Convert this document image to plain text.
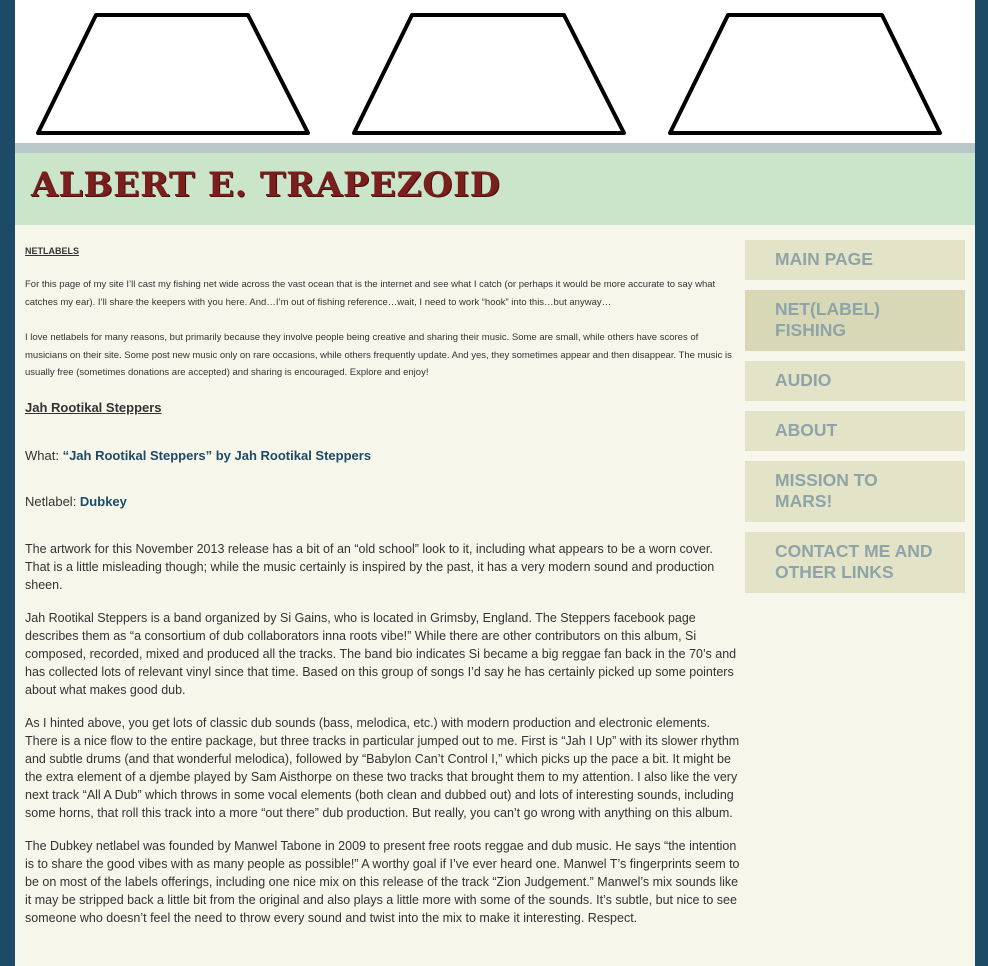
ALBERT E. TRAPEZOID
NETLABELS

For this page of my site I’ll cast my fishing net wide across the vast ocean that is the internet and see what I catch (or perhaps it would be more accurate to say what catches my ear). I’ll share the keepers with you here. And…I’m out of fishing reference…wait, I need to work “hook” into this…but anyway…

I love netlabels for many reasons, but primarily because they involve people being creative and sharing their music. Some are small, while others have scores of musicians on their site. Some post new music only on rare occasions, while others frequently update. And yes, they sometimes appear and then disappear. The music is usually free (sometimes donations are accepted) and sharing is encouraged. Explore and enjoy!

Jah Rootikal Steppers
What: “Jah Rootikal Steppers” by Jah Rootikal Steppers
Netlabel: Dubkey

The artwork for this November 2013 release has a bit of an “old school” look to it, including what appears to be a worn cover. That is a little misleading though; while the music certainly is inspired by the past, it has a very modern sound and production sheen.

Jah Rootikal Steppers is a band organized by Si Gains, who is located in Grimsby, England. The Steppers facebook page describes them as “a consortium of dub collaborators inna roots vibe!” While there are other contributors on this album, Si composed, recorded, mixed and produced all the tracks. The band bio indicates Si became a big reggae fan back in the 70’s and has collected lots of relevant vinyl since that time. Based on this group of songs I’d say he has certainly picked up some pointers about what makes good dub.

As I hinted above, you get lots of classic dub sounds (bass, melodica, etc.) with modern production and electronic elements. There is a nice flow to the entire package, but three tracks in particular jumped out to me. First is “Jah I Up” with its slower rhythm and subtle drums (and that wonderful melodica), followed by “Babylon Can’t Control I,” which picks up the pace a bit. It might be the extra element of a djembe played by Sam Aisthorpe on these two tracks that brought them to my attention. I also like the very next track “All A Dub” which throws in some vocal elements (both clean and dubbed out) and lots of interesting sounds, including some horns, that roll this track into a more “out there” dub production. But really, you can’t go wrong with anything on this album.

The Dubkey netlabel was founded by Manwel Tabone in 2009 to present free roots reggae and dub music. He says “the intention is to share the good vibes with as many people as possible!” A worthy goal if I’ve ever heard one. Manwel T’s fingerprints seem to be on most of the labels offerings, including one nice mix on this release of the track “Zion Judgement.” Manwel’s mix sounds like it may be stripped back a little bit from the original and also plays a little more with some of the sounds. It’s subtle, but nice to see someone who doesn’t feel the need to throw every sound and twist into the mix to make it interesting. Respect.

MAIN PAGE
NET(LABEL) FISHING
AUDIO
ABOUT
MISSION TO MARS!
CONTACT ME AND OTHER LINKS
